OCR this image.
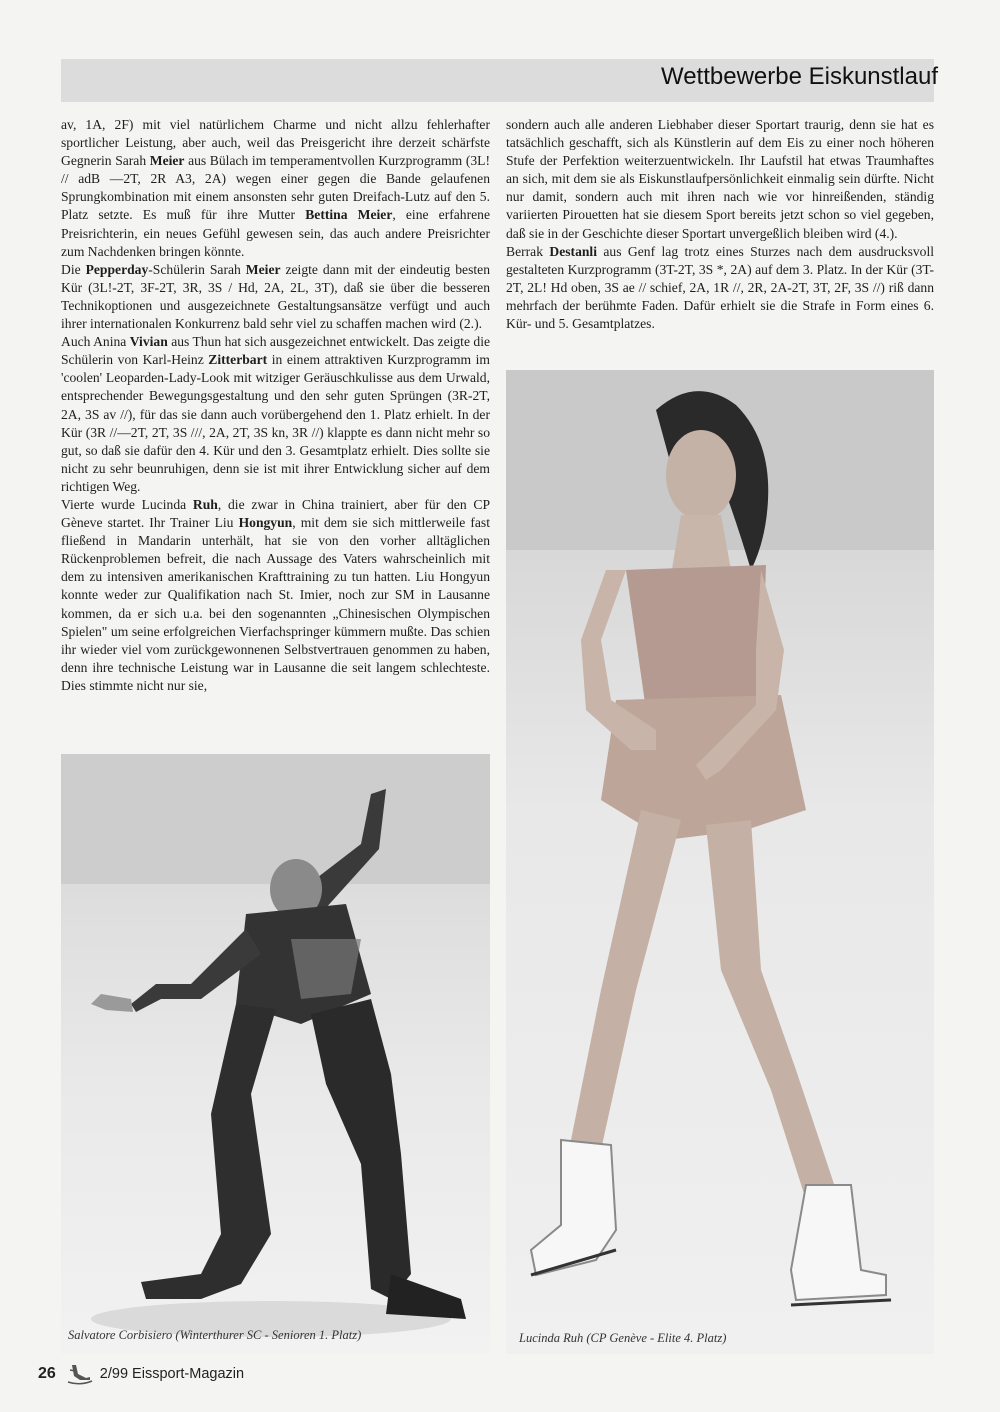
Wettbewerbe Eiskunstlauf

av, 1A, 2F) mit viel natürlichem Charme und nicht allzu fehlerhafter sportlicher Leistung, aber auch, weil das Preisgericht ihre derzeit schärfste Gegnerin Sarah Meier aus Bülach im temperamentvollen Kurzprogramm (3L! // adB —2T, 2R A3, 2A) wegen einer gegen die Bande gelaufenen Sprungkombination mit einem ansonsten sehr guten Dreifach-Lutz auf den 5. Platz setzte. Es muß für ihre Mutter Bettina Meier, eine erfahrene Preisrichterin, ein neues Gefühl gewesen sein, das auch andere Preisrichter zum Nachdenken bringen könnte.

Die Pepperday-Schülerin Sarah Meier zeigte dann mit der eindeutig besten Kür (3L!-2T, 3F-2T, 3R, 3S / Hd, 2A, 2L, 3T), daß sie über die besseren Technikoptionen und ausgezeichnete Gestaltungsansätze verfügt und auch ihrer internationalen Konkurrenz bald sehr viel zu schaffen machen wird (2.).

Auch Anina Vivian aus Thun hat sich ausgezeichnet entwickelt. Das zeigte die Schülerin von Karl-Heinz Zitterbart in einem attraktiven Kurzprogramm im 'coolen' Leoparden-Lady-Look mit witziger Geräuschkulisse aus dem Urwald, entsprechender Bewegungsgestaltung und den sehr guten Sprüngen (3R-2T, 2A, 3S av //), für das sie dann auch vorübergehend den 1. Platz erhielt. In der Kür (3R //—2T, 2T, 3S ///, 2A, 2T, 3S kn, 3R //) klappte es dann nicht mehr so gut, so daß sie dafür den 4. Kür und den 3. Gesamtplatz erhielt. Dies sollte sie nicht zu sehr beunruhigen, denn sie ist mit ihrer Entwicklung sicher auf dem richtigen Weg.

Vierte wurde Lucinda Ruh, die zwar in China trainiert, aber für den CP Gèneve startet. Ihr Trainer Liu Hongyun, mit dem sie sich mittlerweile fast fließend in Mandarin unterhält, hat sie von den vorher alltäglichen Rückenproblemen befreit, die nach Aussage des Vaters wahrscheinlich mit dem zu intensiven amerikanischen Krafttraining zu tun hatten. Liu Hongyun konnte weder zur Qualifikation nach St. Imier, noch zur SM in Lausanne kommen, da er sich u.a. bei den sogenannten „Chinesischen Olympischen Spielen" um seine erfolgreichen Vierfachspringer kümmern mußte. Das schien ihr wieder viel vom zurückgewonnenen Selbstvertrauen genommen zu haben, denn ihre technische Leistung war in Lausanne die seit langem schlechteste. Dies stimmte nicht nur sie,

sondern auch alle anderen Liebhaber dieser Sportart traurig, denn sie hat es tatsächlich geschafft, sich als Künstlerin auf dem Eis zu einer noch höheren Stufe der Perfektion weiterzuentwickeln. Ihr Laufstil hat etwas Traumhaftes an sich, mit dem sie als Eiskunstlaufpersönlichkeit einmalig sein dürfte. Nicht nur damit, sondern auch mit ihren nach wie vor hinreißenden, ständig variierten Pirouetten hat sie diesem Sport bereits jetzt schon so viel gegeben, daß sie in der Geschichte dieser Sportart unvergeßlich bleiben wird (4.).

Berrak Destanli aus Genf lag trotz eines Sturzes nach dem ausdrucksvoll gestalteten Kurzprogramm (3T-2T, 3S *, 2A) auf dem 3. Platz. In der Kür (3T-2T, 2L! Hd oben, 3S ae // schief, 2A, 1R //, 2R, 2A-2T, 3T, 2F, 3S //) riß dann mehrfach der berühmte Faden. Dafür erhielt sie die Strafe in Form eines 6. Kür- und 5. Gesamtplatzes.

Salvatore Corbisiero (Winterthurer SC - Senioren 1. Platz)	Lucinda Ruh (CP Genève - Elite 4. Platz)
26	2/99 Eissport-Magazin
